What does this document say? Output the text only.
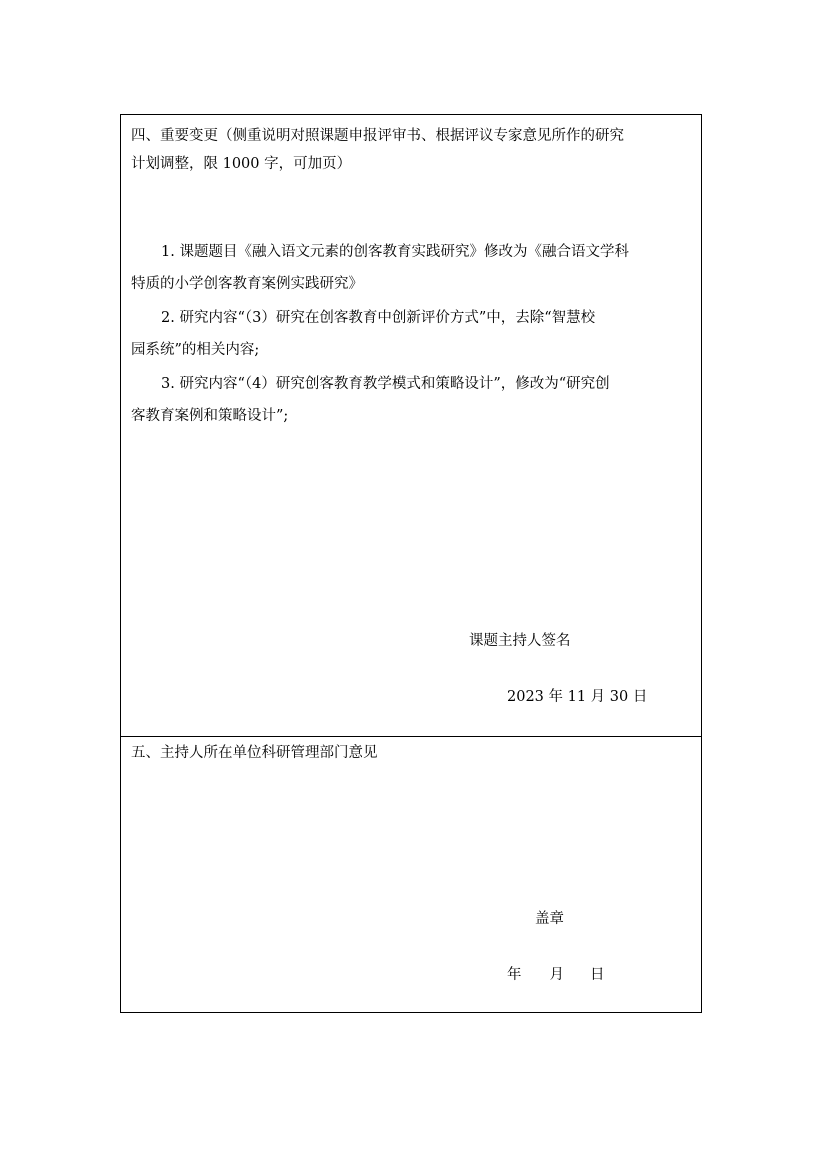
四、重要变更（侧重说明对照课题申报评审书、根据评议专家意见所作的研究
计划调整，限 1000 字，可加页）
1. 课题题目《融入语文元素的创客教育实践研究》修改为《融合语文学科
特质的小学创客教育案例实践研究》
2. 研究内容“（3）研究在创客教育中创新评价方式”中，去除“智慧校
园系统”的相关内容;
3. 研究内容“（4）研究创客教育教学模式和策略设计”，修改为“研究创
客教育案例和策略设计”;
课题主持人签名
2023 年 11 月 30 日
五、主持人所在单位科研管理部门意见
盖章
年 月 日
